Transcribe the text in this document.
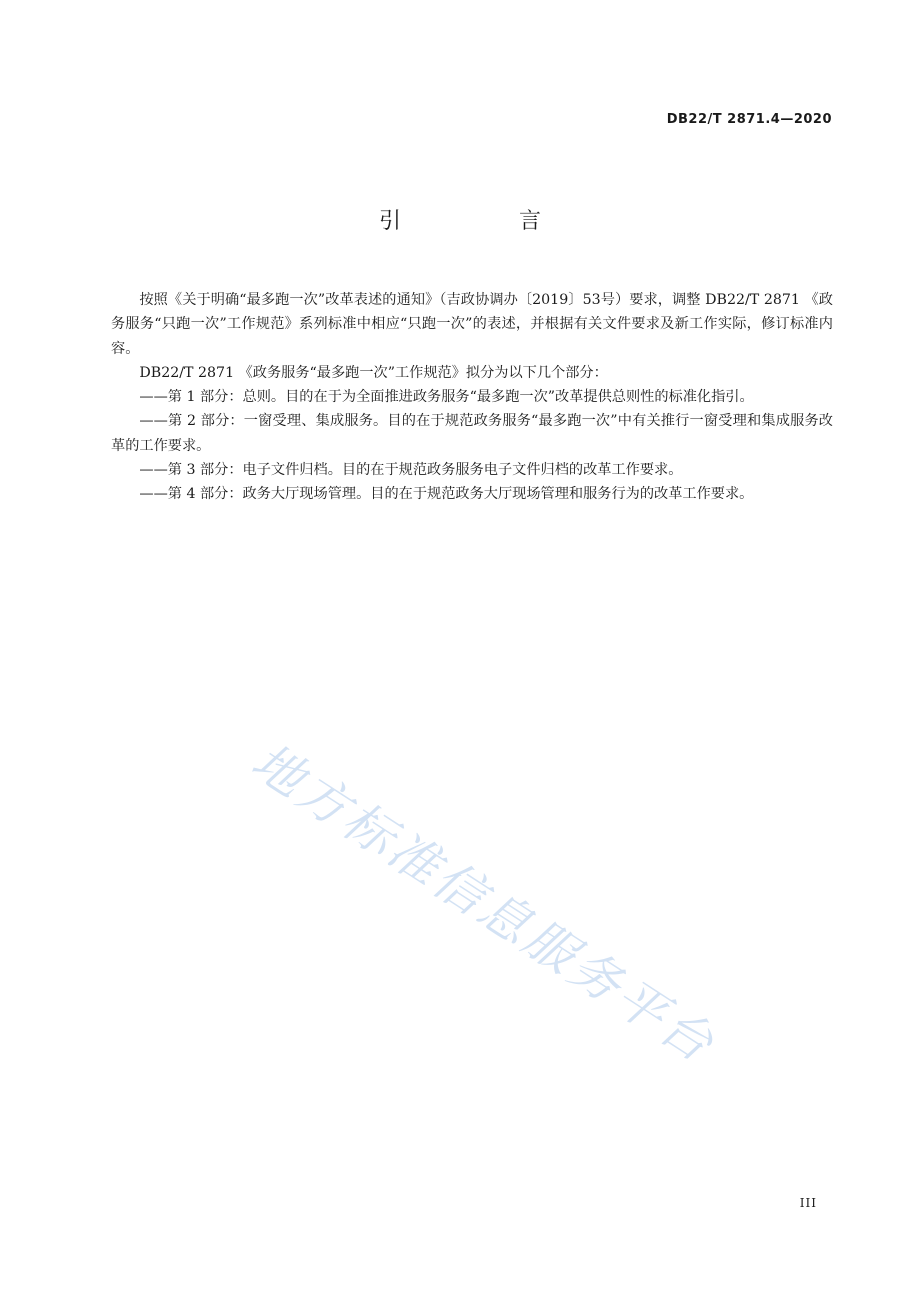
DB22/T 2871.4—2020
引　言

按照《关于明确“最多跑一次”改革表述的通知》（吉政协调办〔2019〕53号）要求，调整 DB22/T 2871 《政务服务“只跑一次”工作规范》系列标准中相应“只跑一次”的表述，并根据有关文件要求及新工作实际，修订标准内容。

DB22/T 2871 《政务服务“最多跑一次”工作规范》拟分为以下几个部分：

——第 1 部分：总则。目的在于为全面推进政务服务“最多跑一次”改革提供总则性的标准化指引。

——第 2 部分：一窗受理、集成服务。目的在于规范政务服务“最多跑一次”中有关推行一窗受理和集成服务改革的工作要求。

——第 3 部分：电子文件归档。目的在于规范政务服务电子文件归档的改革工作要求。

——第 4 部分：政务大厅现场管理。目的在于规范政务大厅现场管理和服务行为的改革工作要求。

地方标准信息服务平台
III
